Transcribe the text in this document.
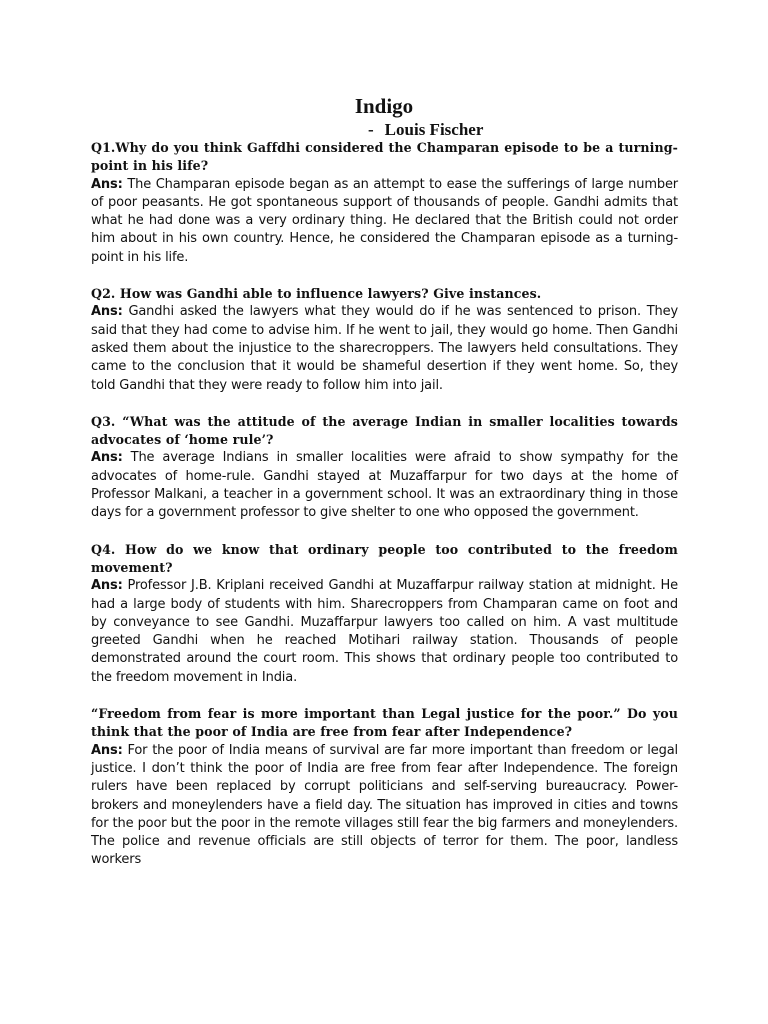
Indigo
- Louis Fischer

Q1.Why do you think Gaffdhi considered the Champaran episode to be a turning- point in his life?

Ans: The Champaran episode began as an attempt to ease the sufferings of large number of poor peasants. He got spontaneous support of thousands of people. Gandhi admits that what he had done was a very ordinary thing. He declared that the British could not order him about in his own country. Hence, he considered the Champaran episode as a turning- point in his life.

Q2. How was Gandhi able to influence lawyers? Give instances.

Ans: Gandhi asked the lawyers what they would do if he was sentenced to prison. They said that they had come to advise him. If he went to jail, they would go home. Then Gandhi asked them about the injustice to the sharecroppers. The lawyers held consultations. They came to the conclusion that it would be shameful desertion if they went home. So, they told Gandhi that they were ready to follow him into jail.

Q3. “What was the attitude of the average Indian in smaller localities towards advocates of ‘home rule’?

Ans: The average Indians in smaller localities were afraid to show sympathy for the advocates of home-rule. Gandhi stayed at Muzaffarpur for two days at the home of Professor Malkani, a teacher in a government school. It was an extraordinary thing in those days for a government professor to give shelter to one who opposed the government.

Q4. How do we know that ordinary people too contributed to the freedom movement?

Ans: Professor J.B. Kriplani received Gandhi at Muzaffarpur railway station at midnight. He had a large body of students with him. Sharecroppers from Champaran came on foot and by conveyance to see Gandhi. Muzaffarpur lawyers too called on him. A vast multitude greeted Gandhi when he reached Motihari railway station. Thousands of people demonstrated around the court room. This shows that ordinary people too contributed to the freedom movement in India.

“Freedom from fear is more important than Legal justice for the poor.” Do you think that the poor of India are free from fear after Independence?

Ans: For the poor of India means of survival are far more important than freedom or legal justice. I don’t think the poor of India are free from fear after Independence. The foreign rulers have been replaced by corrupt politicians and self-serving bureaucracy. Power- brokers and moneylenders have a field day. The situation has improved in cities and towns for the poor but the poor in the remote villages still fear the big farmers and moneylenders. The police and revenue officials are still objects of terror for them. The poor, landless workers
